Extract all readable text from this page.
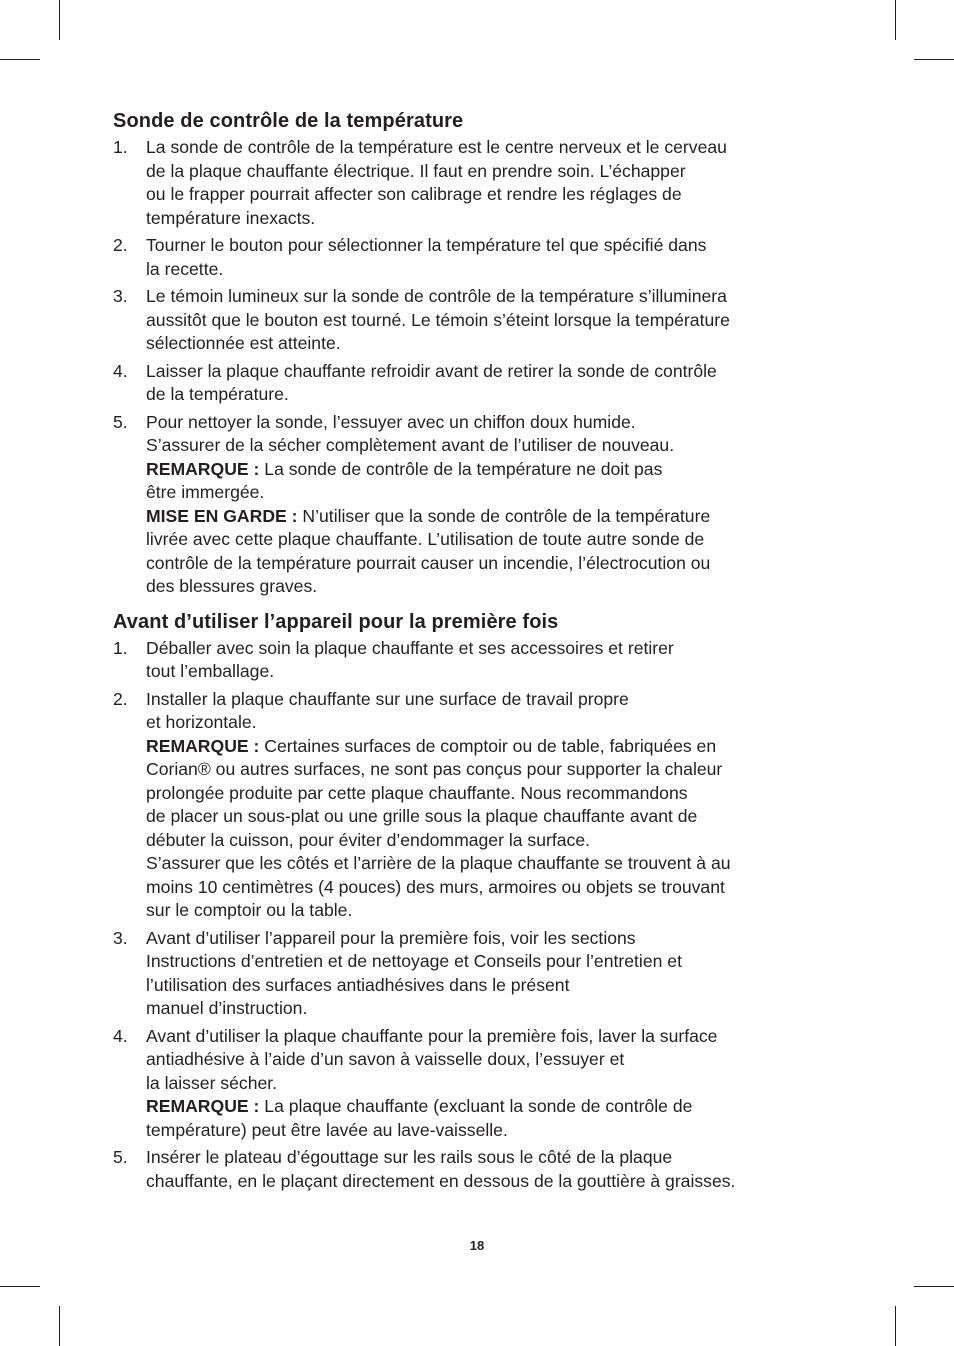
Sonde de contrôle de la température
1. La sonde de contrôle de la température est le centre nerveux et le cerveau
de la plaque chauffante électrique. Il faut en prendre soin. L’échapper
ou le frapper pourrait affecter son calibrage et rendre les réglages de
température inexacts.
2. Tourner le bouton pour sélectionner la température tel que spécifié dans
la recette.
3. Le témoin lumineux sur la sonde de contrôle de la température s’illuminera
aussitôt que le bouton est tourné. Le témoin s’éteint lorsque la température
sélectionnée est atteinte.
4. Laisser la plaque chauffante refroidir avant de retirer la sonde de contrôle
de la température.
5. Pour nettoyer la sonde, l’essuyer avec un chiffon doux humide.
S’assurer de la sécher complètement avant de l’utiliser de nouveau.
REMARQUE : La sonde de contrôle de la température ne doit pas
être immergée.
MISE EN GARDE : N’utiliser que la sonde de contrôle de la température
livrée avec cette plaque chauffante. L’utilisation de toute autre sonde de
contrôle de la température pourrait causer un incendie, l’électrocution ou
des blessures graves.
Avant d’utiliser l’appareil pour la première fois
1. Déballer avec soin la plaque chauffante et ses accessoires et retirer
tout l’emballage.
2. Installer la plaque chauffante sur une surface de travail propre
et horizontale.
REMARQUE : Certaines surfaces de comptoir ou de table, fabriquées en
Corian® ou autres surfaces, ne sont pas conçus pour supporter la chaleur
prolongée produite par cette plaque chauffante. Nous recommandons
de placer un sous-plat ou une grille sous la plaque chauffante avant de
débuter la cuisson, pour éviter d’endommager la surface.
S’assurer que les côtés et l’arrière de la plaque chauffante se trouvent à au
moins 10 centimètres (4 pouces) des murs, armoires ou objets se trouvant
sur le comptoir ou la table.
3. Avant d’utiliser l’appareil pour la première fois, voir les sections
Instructions d’entretien et de nettoyage et Conseils pour l’entretien et
l’utilisation des surfaces antiadhésives dans le présent
manuel d’instruction.
4. Avant d’utiliser la plaque chauffante pour la première fois, laver la surface
antiadhésive à l’aide d’un savon à vaisselle doux, l’essuyer et
la laisser sécher.
REMARQUE : La plaque chauffante (excluant la sonde de contrôle de
température) peut être lavée au lave-vaisselle.
5. Insérer le plateau d’égouttage sur les rails sous le côté de la plaque
chauffante, en le plaçant directement en dessous de la gouttière à graisses.
18
